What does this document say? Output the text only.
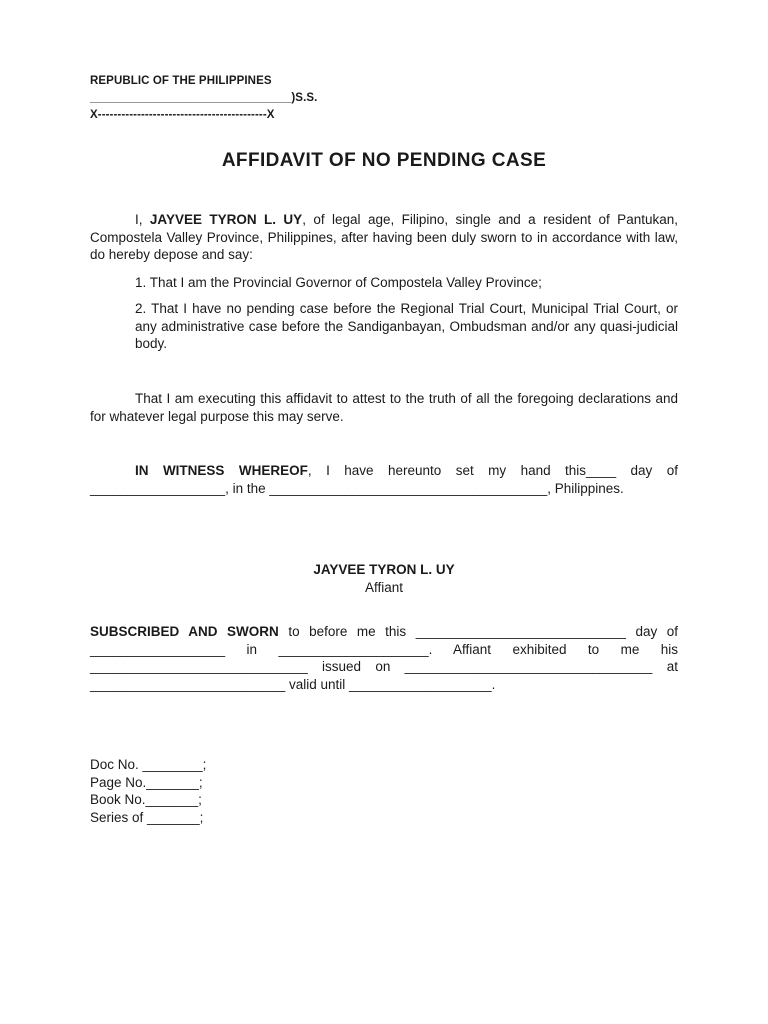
REPUBLIC OF THE PHILIPPINES
_______________________________)S.S.
X-------------------------------------------X
AFFIDAVIT OF NO PENDING CASE
I, JAYVEE TYRON L. UY, of legal age, Filipino, single and a resident of Pantukan, Compostela Valley Province, Philippines, after having been duly sworn to in accordance with law, do hereby depose and say:
1. That I am the Provincial Governor of Compostela Valley Province;
2. That I have no pending case before the Regional Trial Court, Municipal Trial Court, or any administrative case before the Sandiganbayan, Ombudsman and/or any quasi-judicial body.
That I am executing this affidavit to attest to the truth of all the foregoing declarations and for whatever legal purpose this may serve.
IN WITNESS WHEREOF, I have hereunto set my hand this____ day of
__________________, in the _____________________________________, Philippines.
JAYVEE TYRON L. UY
Affiant
SUBSCRIBED AND SWORN to before me this ____________________________ day of
__________________   in   ____________________.   Affiant   exhibited   to   me   his
_____________________________   issued   on   _________________________________   at
__________________________ valid until ___________________.
Doc No. ________;
Page No._______;
Book No._______;
Series of _______;
